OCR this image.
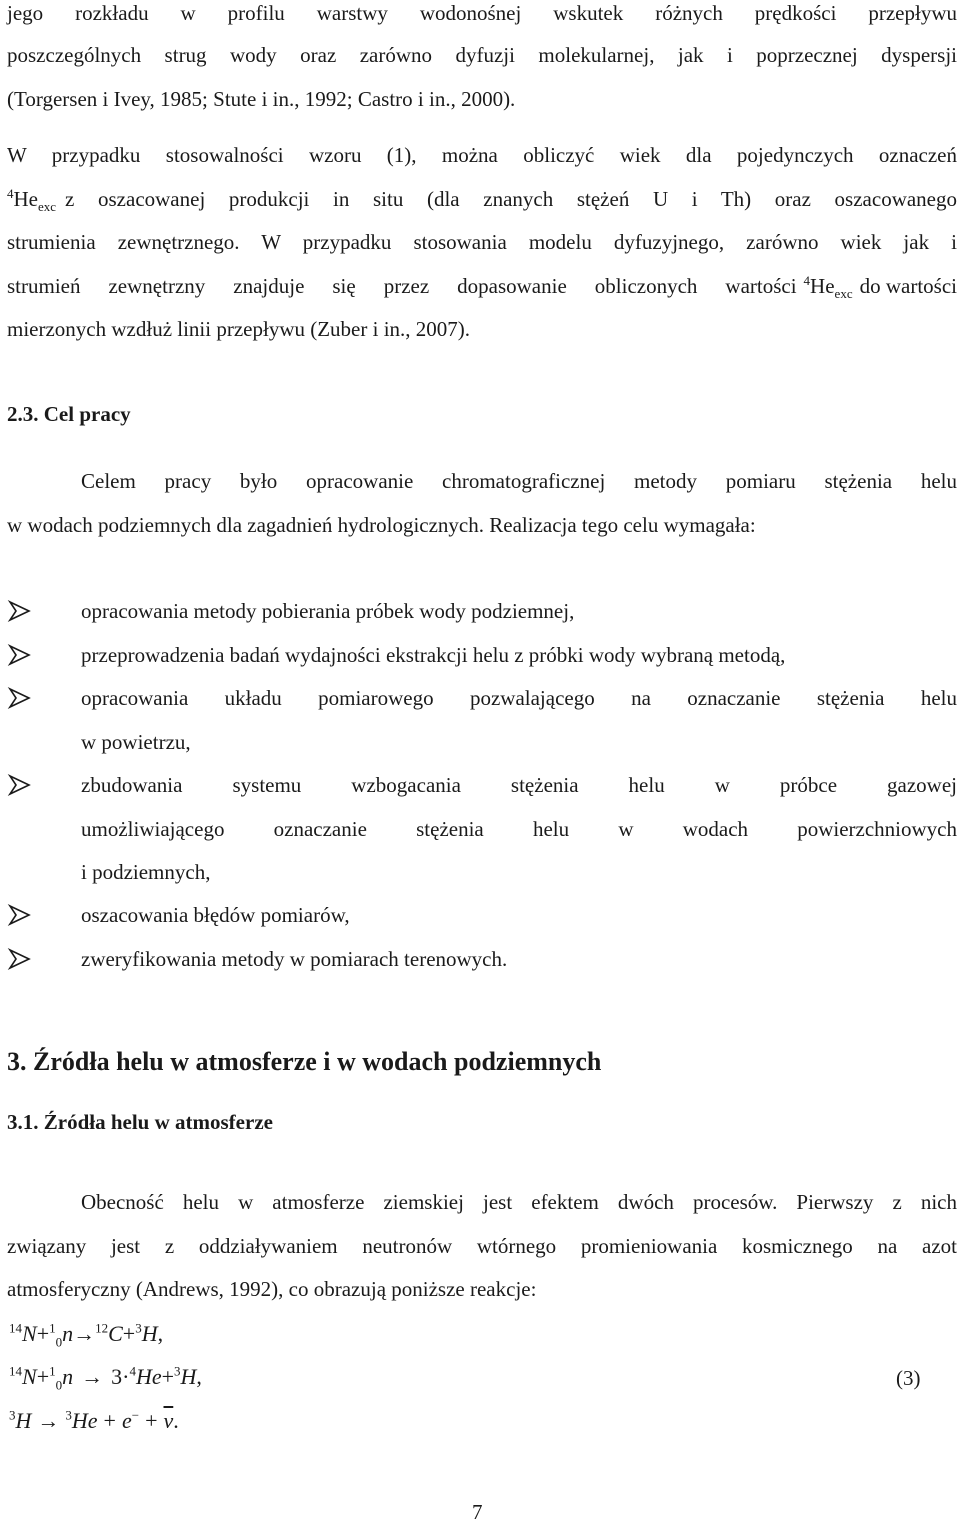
jego rozkładu w profilu warstwy wodonośnej wskutek różnych prędkości przepływu
poszczególnych strug wody oraz zarówno dyfuzji molekularnej, jak i poprzecznej dyspersji
(Torgersen i Ivey, 1985; Stute i in., 1992; Castro i in., 2000).
W przypadku stosowalności wzoru (1), można obliczyć wiek dla pojedynczych oznaczeń
$^4He_{exc}$ z oszacowanej produkcji in situ (dla znanych stężeń U i Th) oraz oszacowanego
strumienia zewnętrznego. W przypadku stosowania modelu dyfuzyjnego, zarówno wiek jak i
strumień zewnętrzny znajduje się przez dopasowanie obliczonych wartości $^4He_{exc}$ do wartości
mierzonych wzdłuż linii przepływu (Zuber i in., 2007).
2.3. Cel pracy
Celem pracy było opracowanie chromatograficznej metody pomiaru stężenia helu
w wodach podziemnych dla zagadnień hydrologicznych. Realizacja tego celu wymagała:
opracowania metody pobierania próbek wody podziemnej,
przeprowadzenia badań wydajności ekstrakcji helu z próbki wody wybraną metodą,
opracowania układu pomiarowego pozwalającego na oznaczanie stężenia helu
w powietrzu,
zbudowania systemu wzbogacania stężenia helu w próbce gazowej
umożliwiającego oznaczanie stężenia helu w wodach powierzchniowych
i podziemnych,
oszacowania błędów pomiarów,
zweryfikowania metody w pomiarach terenowych.
3. Źródła helu w atmosferze i w wodach podziemnych
3.1. Źródła helu w atmosferze
Obecność helu w atmosferze ziemskiej jest efektem dwóch procesów. Pierwszy z nich
związany jest z oddziaływaniem neutronów wtórnego promieniowania kosmicznego na azot
atmosferyczny (Andrews, 1992), co obrazują poniższe reakcje:
$^{14}$N+$^1_0$n→$^{12}$C+$^3$H,
$^{14}$N+$^1_0$n → 3·$^4$He+$^3$H,	(3)
$^3H \to ^3He + e^- + \overline{\nu}$.
7
